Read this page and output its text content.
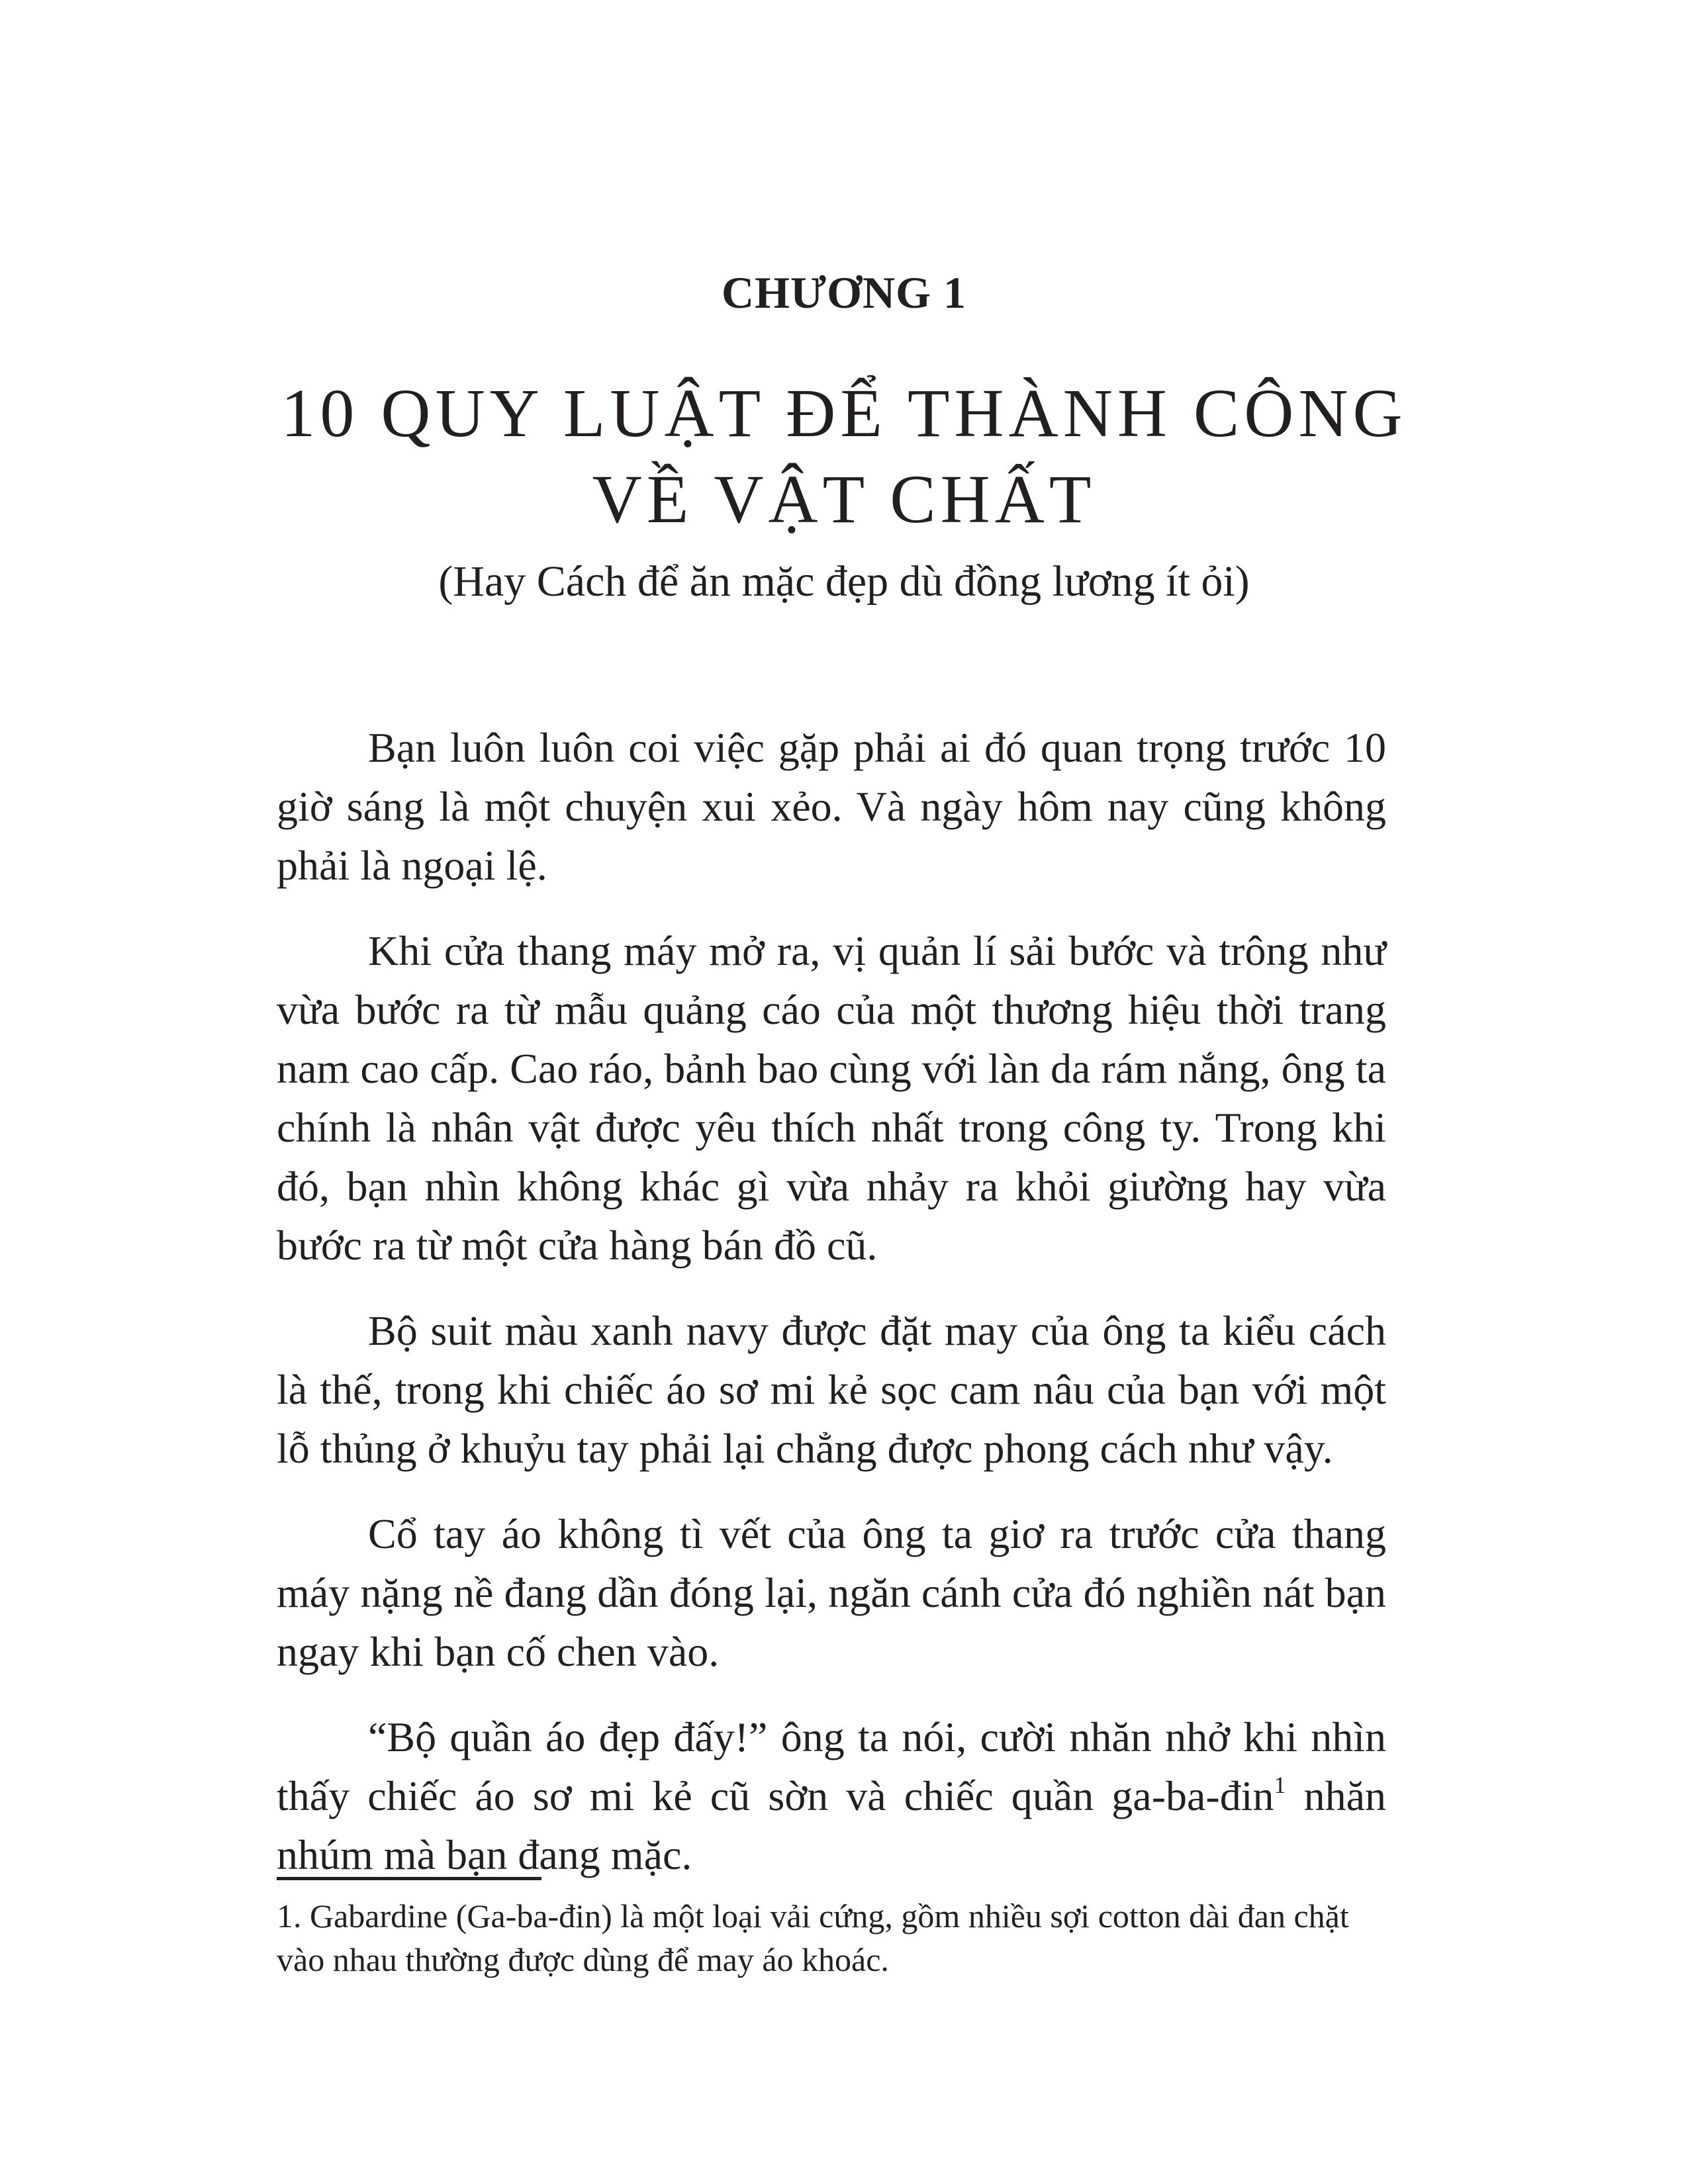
CHƯƠNG 1
10 QUY LUẬT ĐỂ THÀNH CÔNG
VỀ VẬT CHẤT
(Hay Cách để ăn mặc đẹp dù đồng lương ít ỏi)

Bạn luôn luôn coi việc gặp phải ai đó quan trọng trước 10 giờ sáng là một chuyện xui xẻo. Và ngày hôm nay cũng không phải là ngoại lệ.

Khi cửa thang máy mở ra, vị quản lí sải bước và trông như vừa bước ra từ mẫu quảng cáo của một thương hiệu thời trang nam cao cấp. Cao ráo, bảnh bao cùng với làn da rám nắng, ông ta chính là nhân vật được yêu thích nhất trong công ty. Trong khi đó, bạn nhìn không khác gì vừa nhảy ra khỏi giường hay vừa bước ra từ một cửa hàng bán đồ cũ.

Bộ suit màu xanh navy được đặt may của ông ta kiểu cách là thế, trong khi chiếc áo sơ mi kẻ sọc cam nâu của bạn với một lỗ thủng ở khuỷu tay phải lại chẳng được phong cách như vậy.

Cổ tay áo không tì vết của ông ta giơ ra trước cửa thang máy nặng nề đang dần đóng lại, ngăn cánh cửa đó nghiền nát bạn ngay khi bạn cố chen vào.

“Bộ quần áo đẹp đấy!” ông ta nói, cười nhăn nhở khi nhìn thấy chiếc áo sơ mi kẻ cũ sờn và chiếc quần ga-ba-đin$^1$ nhăn nhúm mà bạn đang mặc.

1. Gabardine (Ga-ba-đin) là một loại vải cứng, gồm nhiều sợi cotton dài đan chặt vào nhau thường được dùng để may áo khoác.
